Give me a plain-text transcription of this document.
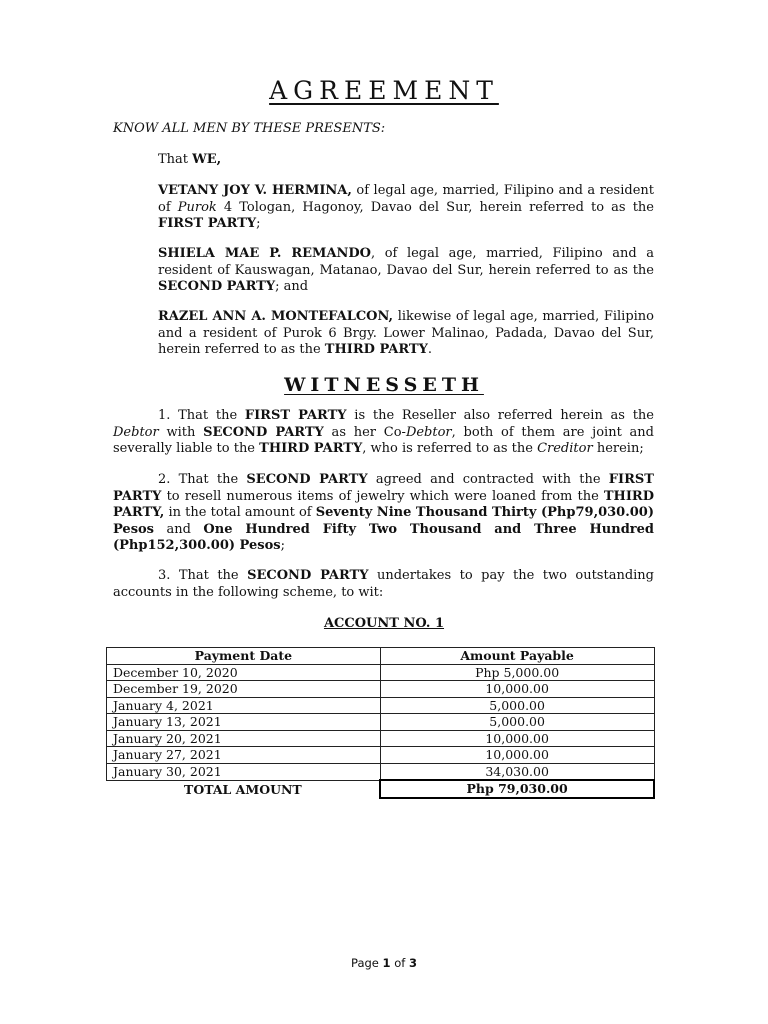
AGREEMENT
KNOW ALL MEN BY THESE PRESENTS:
That WE,
VETANY JOY V. HERMINA, of legal age, married, Filipino and a resident of Purok 4 Tologan, Hagonoy, Davao del Sur, herein referred to as the FIRST PARTY;
SHIELA MAE P. REMANDO, of legal age, married, Filipino and a resident of Kauswagan, Matanao, Davao del Sur, herein referred to as the SECOND PARTY; and
RAZEL ANN A. MONTEFALCON, likewise of legal age, married, Filipino and a resident of Purok 6 Brgy. Lower Malinao, Padada, Davao del Sur, herein referred to as the THIRD PARTY.
WITNESSETH
1. That the FIRST PARTY is the Reseller also referred herein as the Debtor with SECOND PARTY as her Co-Debtor, both of them are joint and severally liable to the THIRD PARTY, who is referred to as the Creditor herein;
2. That the SECOND PARTY agreed and contracted with the FIRST PARTY to resell numerous items of jewelry which were loaned from the THIRD PARTY, in the total amount of Seventy Nine Thousand Thirty (Php79,030.00) Pesos and One Hundred Fifty Two Thousand and Three Hundred (Php152,300.00) Pesos;
3. That the SECOND PARTY undertakes to pay the two outstanding accounts in the following scheme, to wit:
ACCOUNT NO. 1
Payment Date	Amount Payable
December 10, 2020	Php 5,000.00
December 19, 2020	10,000.00
January 4, 2021	5,000.00
January 13, 2021	5,000.00
January 20, 2021	10,000.00
January 27, 2021	10,000.00
January 30, 2021	34,030.00
TOTAL AMOUNT	Php 79,030.00
Page 1 of 3
